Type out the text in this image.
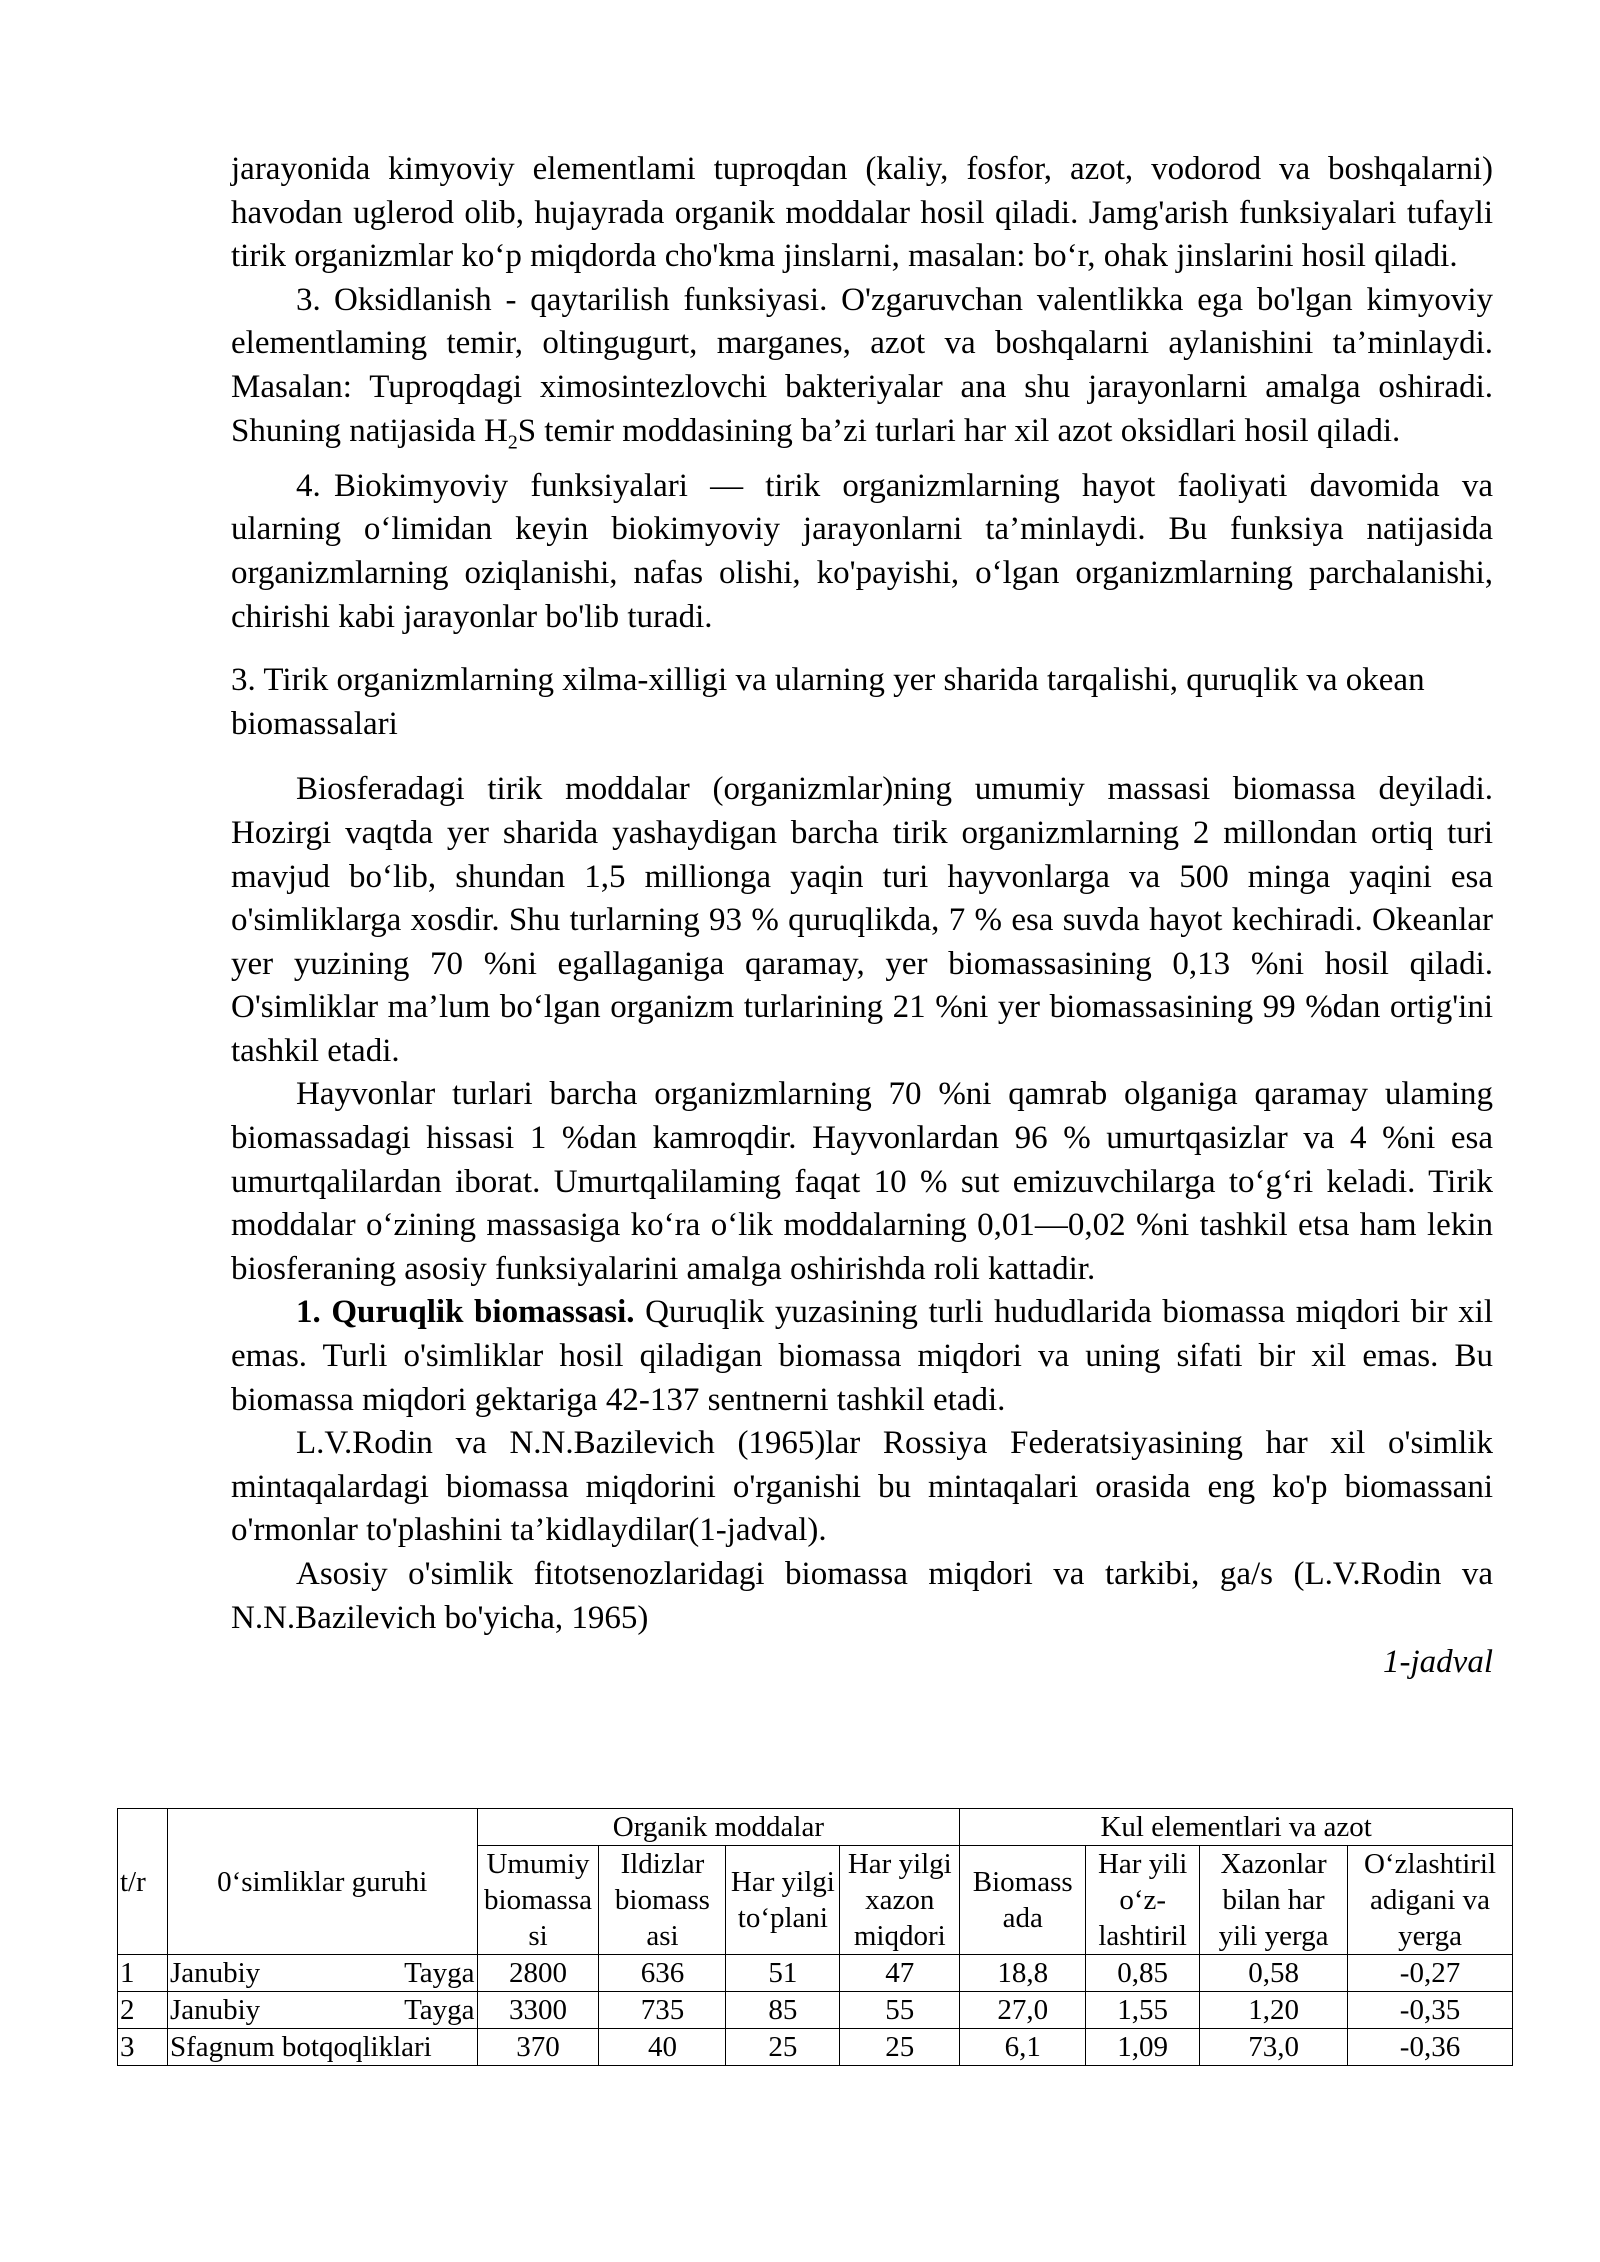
jarayonida kimyoviy elementlami tuproqdan (kaliy, fosfor, azot, vodorod va boshqalarni) havodan uglerod olib, hujayrada organik moddalar hosil qiladi. Jamg'arish funksiyalari tufayli tirik organizmlar ko‘p miqdorda cho'kma jinslarni, masalan: bo‘r, ohak jinslarini hosil qiladi.

3. Oksidlanish - qaytarilish funksiyasi. O'zgaruvchan valentlikka ega bo'lgan kimyoviy elementlaming temir, oltingugurt, marganes, azot va boshqalarni aylanishini ta’minlaydi. Masalan: Tuproqdagi ximosintezlovchi bakteriyalar ana shu jarayonlarni amalga oshiradi. Shuning natijasida $H_2S$ temir moddasining ba’zi turlari har xil azot oksidlari hosil qiladi.

4. Biokimyoviy funksiyalari — tirik organizmlarning hayot faoliyati davomida va ularning o‘limidan keyin biokimyoviy jarayonlarni ta’minlaydi. Bu funksiya natijasida organizmlarning oziqlanishi, nafas olishi, ko'payishi, o‘lgan organizmlarning parchalanishi, chirishi kabi jarayonlar bo'lib turadi.

3. Tirik organizmlarning xilma-xilligi va ularning yer sharida tarqalishi, quruqlik va okean biomassalari

Biosferadagi tirik moddalar (organizmlar)ning umumiy massasi biomassa deyiladi. Hozirgi vaqtda yer sharida yashaydigan barcha tirik organizmlarning 2 millondan ortiq turi mavjud bo‘lib, shundan 1,5 millionga yaqin turi hayvonlarga va 500 minga yaqini esa o'simliklarga xosdir. Shu turlarning 93 % quruqlikda, 7 % esa suvda hayot kechiradi. Okeanlar yer yuzining 70 %ni egallaganiga qaramay, yer biomassasining 0,13 %ni hosil qiladi. O'simliklar ma’lum bo‘lgan organizm turlarining 21 %ni yer biomassasining 99 %dan ortig'ini tashkil etadi.

Hayvonlar turlari barcha organizmlarning 70 %ni qamrab olganiga qaramay ulaming biomassadagi hissasi 1 %dan kamroqdir. Hayvonlardan 96 % umurtqasizlar va 4 %ni esa umurtqalilardan iborat. Umurtqalilaming faqat 10 % sut emizuvchilarga to‘g‘ri keladi. Tirik moddalar o‘zining massasiga ko‘ra o‘lik moddalarning 0,01—0,02 %ni tashkil etsa ham lekin biosferaning asosiy funksiyalarini amalga oshirishda roli kattadir.

1. Quruqlik biomassasi. Quruqlik yuzasining turli hududlarida biomassa miqdori bir xil emas. Turli o'simliklar hosil qiladigan biomassa miqdori va uning sifati bir xil emas. Bu biomassa miqdori gektariga 42-137 sentnerni tashkil etadi.

L.V.Rodin va N.N.Bazilevich (1965)lar Rossiya Federatsiyasining har xil o'simlik mintaqalardagi biomassa miqdorini o'rganishi bu mintaqalari orasida eng ko'p biomassani o'rmonlar to'plashini ta’kidlaydilar(1-jadval).

Asosiy o'simlik fitotsenozlaridagi biomassa miqdori va tarkibi, ga/s (L.V.Rodin va N.N.Bazilevich bo'yicha, 1965)

1-jadval
t/r	0‘simliklar guruhi	Organik moddalar				Kul elementlari va azot			
		Umumiy biomassa si	Ildizlar biomass asi	Har yilgi to‘plani	Har yilgi xazon miqdori	Biomass ada	Har yili o‘z-lashtiril	Xazonlar bilan har yili yerga	O‘zlashtiril adigani va yerga
1	Janubiy Tayga	2800	636	51	47	18,8	0,85	0,58	-0,27
2	Janubiy Tayga	3300	735	85	55	27,0	1,55	1,20	-0,35
3	Sfagnum botqoqliklari	370	40	25	25	6,1	1,09	73,0	-0,36
